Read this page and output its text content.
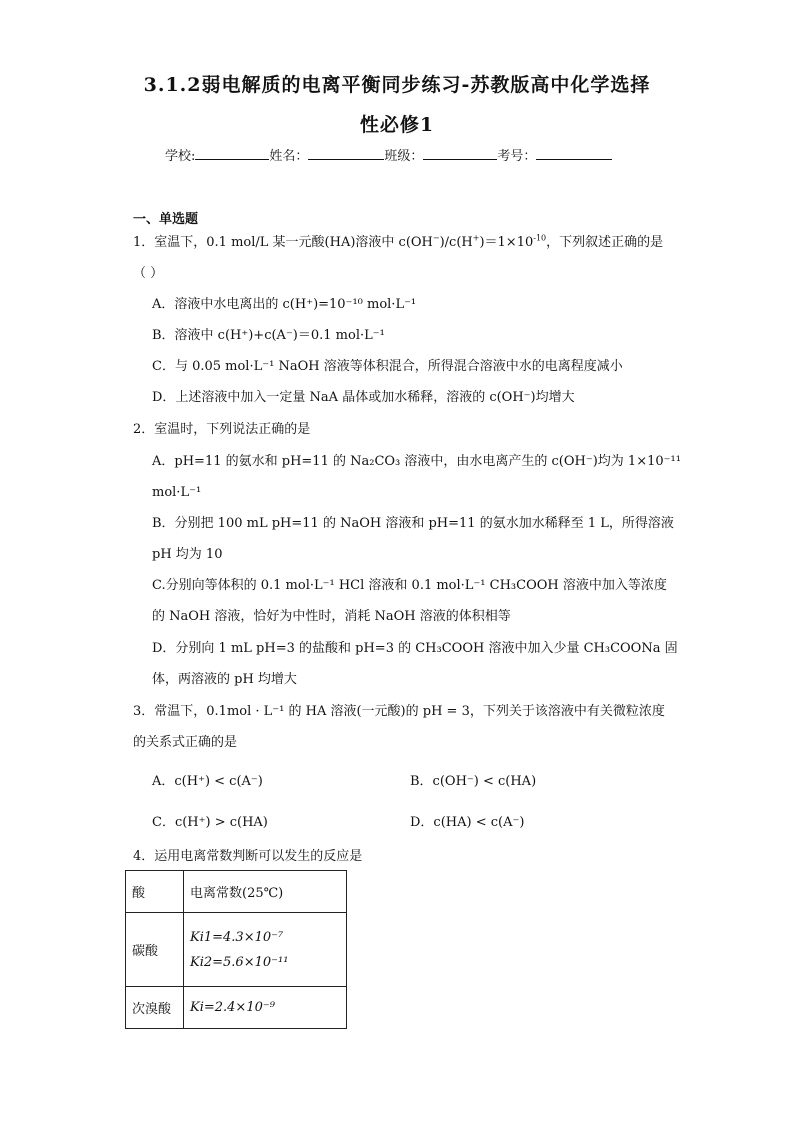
3.1.2弱电解质的电离平衡同步练习-苏教版高中化学选择
性必修1
学校:	姓名：	班级：	考号：
一、单选题
1．室温下，0.1 mol/L 某一元酸(HA)溶液中 $c(OH^-)/c(H^+)=1\times 10^{-10}$，下列叙述正确的是
（ ）
A．溶液中水电离出的 c(H⁺)=10⁻¹⁰ mol·L⁻¹
B．溶液中 c(H⁺)+c(A⁻)＝0.1 mol·L⁻¹
C．与 0.05 mol·L⁻¹ NaOH 溶液等体积混合，所得混合溶液中水的电离程度减小
D．上述溶液中加入一定量 NaA 晶体或加水稀释，溶液的 c(OH⁻)均增大
2．室温时，下列说法正确的是
A．pH=11 的氨水和 pH=11 的 Na₂CO₃ 溶液中，由水电离产生的 c(OH⁻)均为 1×10⁻¹¹
mol·L⁻¹
B．分别把 100 mL pH=11 的 NaOH 溶液和 pH=11 的氨水加水稀释至 1 L，所得溶液
pH 均为 10
C.分别向等体积的 0.1 mol·L⁻¹ HCl 溶液和 0.1 mol·L⁻¹ CH₃COOH 溶液中加入等浓度
的 NaOH 溶液，恰好为中性时，消耗 NaOH 溶液的体积相等
D．分别向 1 mL pH=3 的盐酸和 pH=3 的 CH₃COOH 溶液中加入少量 CH₃COONa 固
体，两溶液的 pH 均增大
3．常温下，0.1mol · L⁻¹ 的 HA 溶液(一元酸)的 pH = 3，下列关于该溶液中有关微粒浓度
的关系式正确的是
A．c(H⁺) < c(A⁻)	B．c(OH⁻) < c(HA)
C．c(H⁺) > c(HA)	D．c(HA) < c(A⁻)
4．运用电离常数判断可以发生的反应是
酸	电离常数(25℃)
碳酸	Ki1=4.3×10⁻⁷
Ki2=5.6×10⁻¹¹

次溴酸	Ki=2.4×10⁻⁹
